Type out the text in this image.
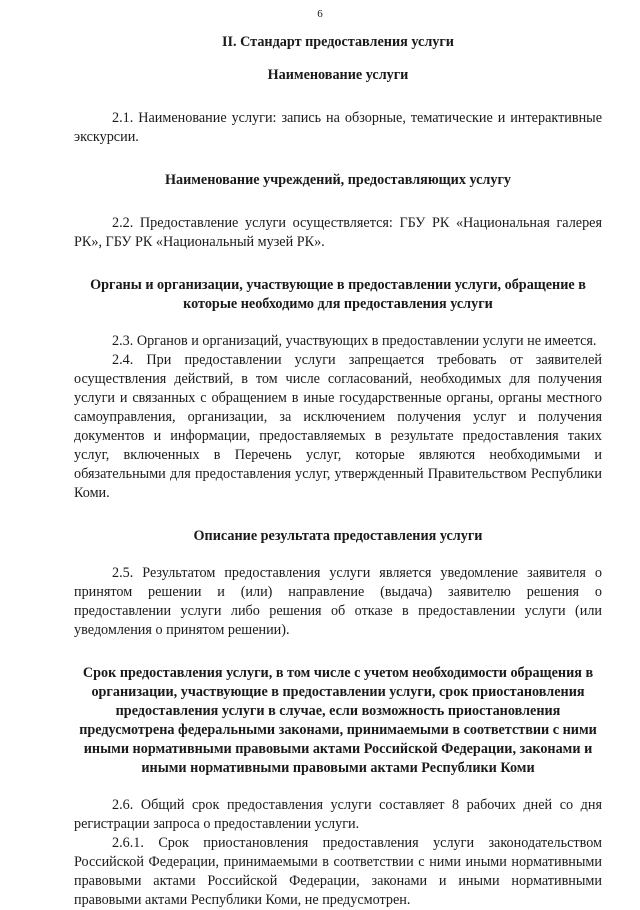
6
II. Стандарт предоставления услуги
Наименование услуги

2.1. Наименование услуги: запись на обзорные, тематические и интерактивные экскурсии.

Наименование учреждений, предоставляющих услугу

2.2. Предоставление услуги осуществляется: ГБУ РК «Национальная галерея РК», ГБУ РК «Национальный музей РК».

Органы и организации, участвующие в предоставлении услуги, обращение в которые необходимо для предоставления услуги

2.3. Органов и организаций, участвующих в предоставлении услуги не имеется.

2.4. При предоставлении услуги запрещается требовать от заявителей осуществления действий, в том числе согласований, необходимых для получения услуги и связанных с обращением в иные государственные органы, органы местного самоуправления, организации, за исключением получения услуг и получения документов и информации, предоставляемых в результате предоставления таких услуг, включенных в Перечень услуг, которые являются необходимыми и обязательными для предоставления услуг, утвержденный Правительством Республики Коми.

Описание результата предоставления услуги

2.5. Результатом предоставления услуги является уведомление заявителя о принятом решении и (или) направление (выдача) заявителю решения о предоставлении услуги либо решения об отказе в предоставлении услуги (или уведомления о принятом решении).

Срок предоставления услуги, в том числе с учетом необходимости обращения в организации, участвующие в предоставлении услуги, срок приостановления предоставления услуги в случае, если возможность приостановления предусмотрена федеральными законами, принимаемыми в соответствии с ними иными нормативными правовыми актами Российской Федерации, законами и иными нормативными правовыми актами Республики Коми

2.6. Общий срок предоставления услуги составляет 8 рабочих дней со дня регистрации запроса о предоставлении услуги.

2.6.1. Срок приостановления предоставления услуги законодательством Российской Федерации, принимаемыми в соответствии с ними иными нормативными правовыми актами Российской Федерации, законами и иными нормативными правовыми актами Республики Коми, не предусмотрен.
